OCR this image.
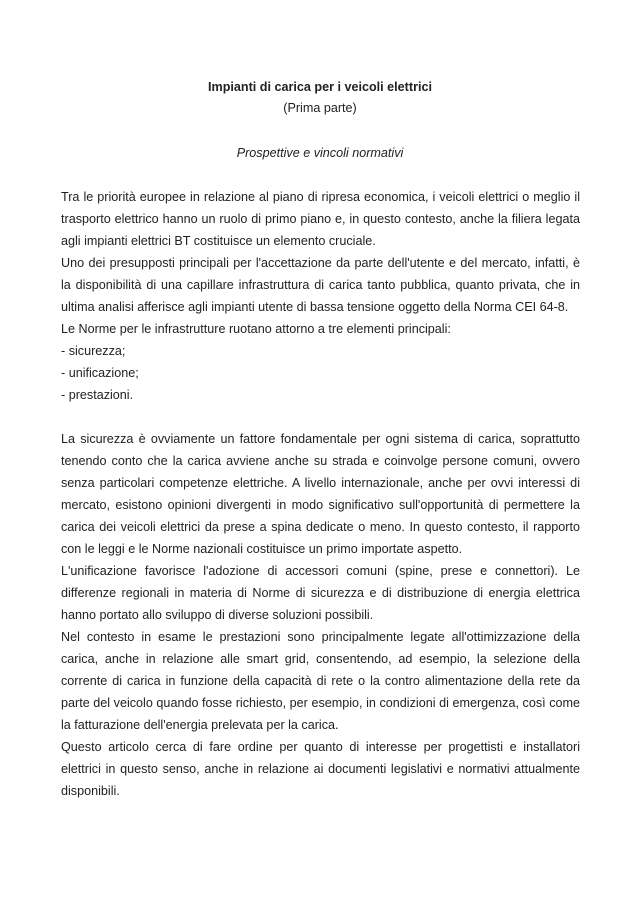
Impianti di carica per i veicoli elettrici
(Prima parte)
Prospettive e vincoli normativi

Tra le priorità europee in relazione al piano di ripresa economica, i veicoli elettrici o meglio il trasporto elettrico hanno un ruolo di primo piano e, in questo contesto, anche la filiera legata agli impianti elettrici BT costituisce un elemento cruciale.

Uno dei presupposti principali per l'accettazione da parte dell'utente e del mercato, infatti, è la disponibilità di una capillare infrastruttura di carica tanto pubblica, quanto privata, che in ultima analisi afferisce agli impianti utente di bassa tensione oggetto della Norma CEI 64-8.

Le Norme per le infrastrutture ruotano attorno a tre elementi principali:

- sicurezza;
- unificazione;
- prestazioni.

La sicurezza è ovviamente un fattore fondamentale per ogni sistema di carica, soprattutto tenendo conto che la carica avviene anche su strada e coinvolge persone comuni, ovvero senza particolari competenze elettriche. A livello internazionale, anche per ovvi interessi di mercato, esistono opinioni divergenti in modo significativo sull'opportunità di permettere la carica dei veicoli elettrici da prese a spina dedicate o meno. In questo contesto, il rapporto con le leggi e le Norme nazionali costituisce un primo importate aspetto.

L'unificazione favorisce l'adozione di accessori comuni (spine, prese e connettori). Le differenze regionali in materia di Norme di sicurezza e di distribuzione di energia elettrica hanno portato allo sviluppo di diverse soluzioni possibili.

Nel contesto in esame le prestazioni sono principalmente legate all'ottimizzazione della carica, anche in relazione alle smart grid, consentendo, ad esempio, la selezione della corrente di carica in funzione della capacità di rete o la contro alimentazione della rete da parte del veicolo quando fosse richiesto, per esempio, in condizioni di emergenza, così come la fatturazione dell'energia prelevata per la carica.

Questo articolo cerca di fare ordine per quanto di interesse per progettisti e installatori elettrici in questo senso, anche in relazione ai documenti legislativi e normativi attualmente disponibili.
